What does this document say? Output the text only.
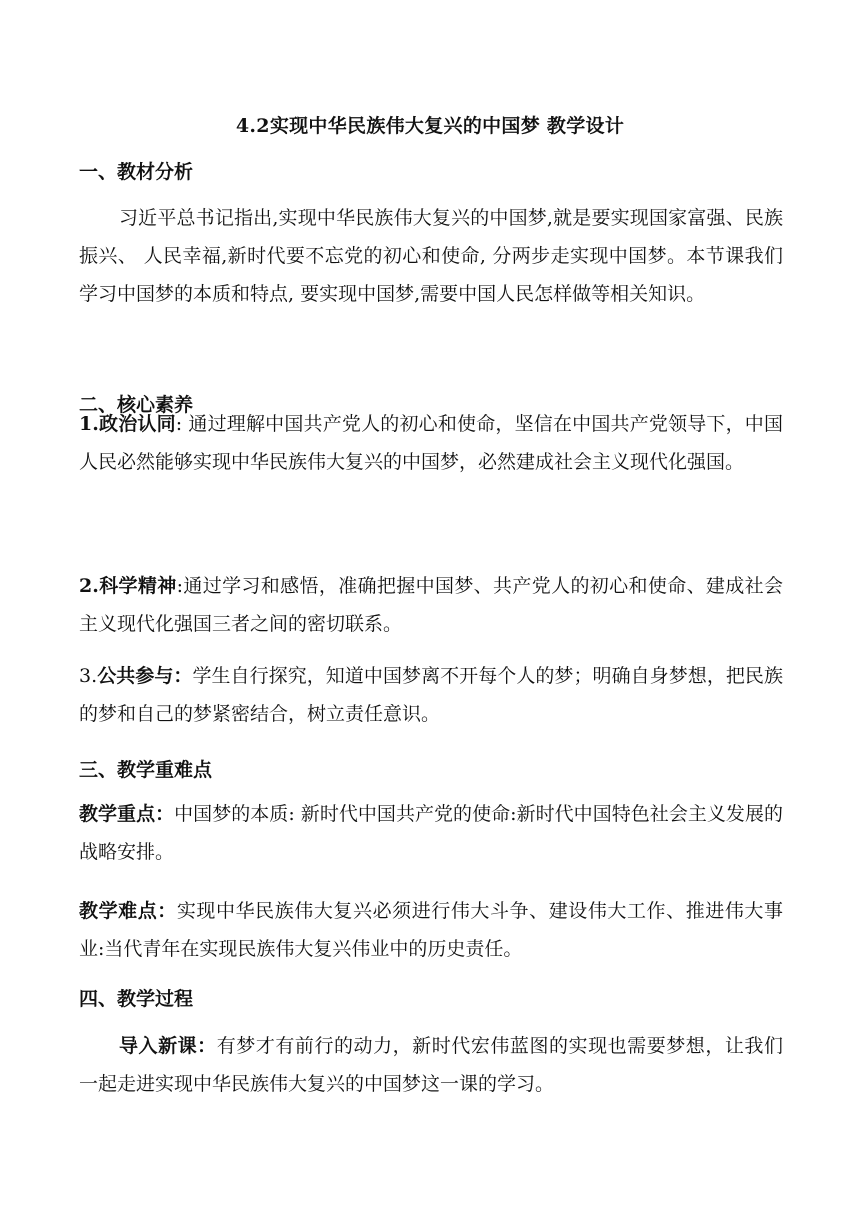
4.2实现中华民族伟大复兴的中国梦 教学设计
一、教材分析
习近平总书记指出,实现中华民族伟大复兴的中国梦,就是要实现国家富强、民族振兴、 人民幸福,新时代要不忘党的初心和使命, 分两步走实现中国梦。本节课我们学习中国梦的本质和特点, 要实现中国梦,需要中国人民怎样做等相关知识。
二、核心素养
1.政治认同: 通过理解中国共产党人的初心和使命，坚信在中国共产党领导下，中国人民必然能够实现中华民族伟大复兴的中国梦，必然建成社会主义现代化强国。
2.科学精神:通过学习和感悟，准确把握中国梦、共产党人的初心和使命、建成社会主义现代化强国三者之间的密切联系。
3.公共参与：学生自行探究，知道中国梦离不开每个人的梦；明确自身梦想，把民族的梦和自己的梦紧密结合，树立责任意识。
三、教学重难点
教学重点：中国梦的本质: 新时代中国共产党的使命:新时代中国特色社会主义发展的战略安排。
教学难点：实现中华民族伟大复兴必须进行伟大斗争、建设伟大工作、推进伟大事业:当代青年在实现民族伟大复兴伟业中的历史责任。
四、教学过程
导入新课：有梦才有前行的动力，新时代宏伟蓝图的实现也需要梦想，让我们一起走进实现中华民族伟大复兴的中国梦这一课的学习。
